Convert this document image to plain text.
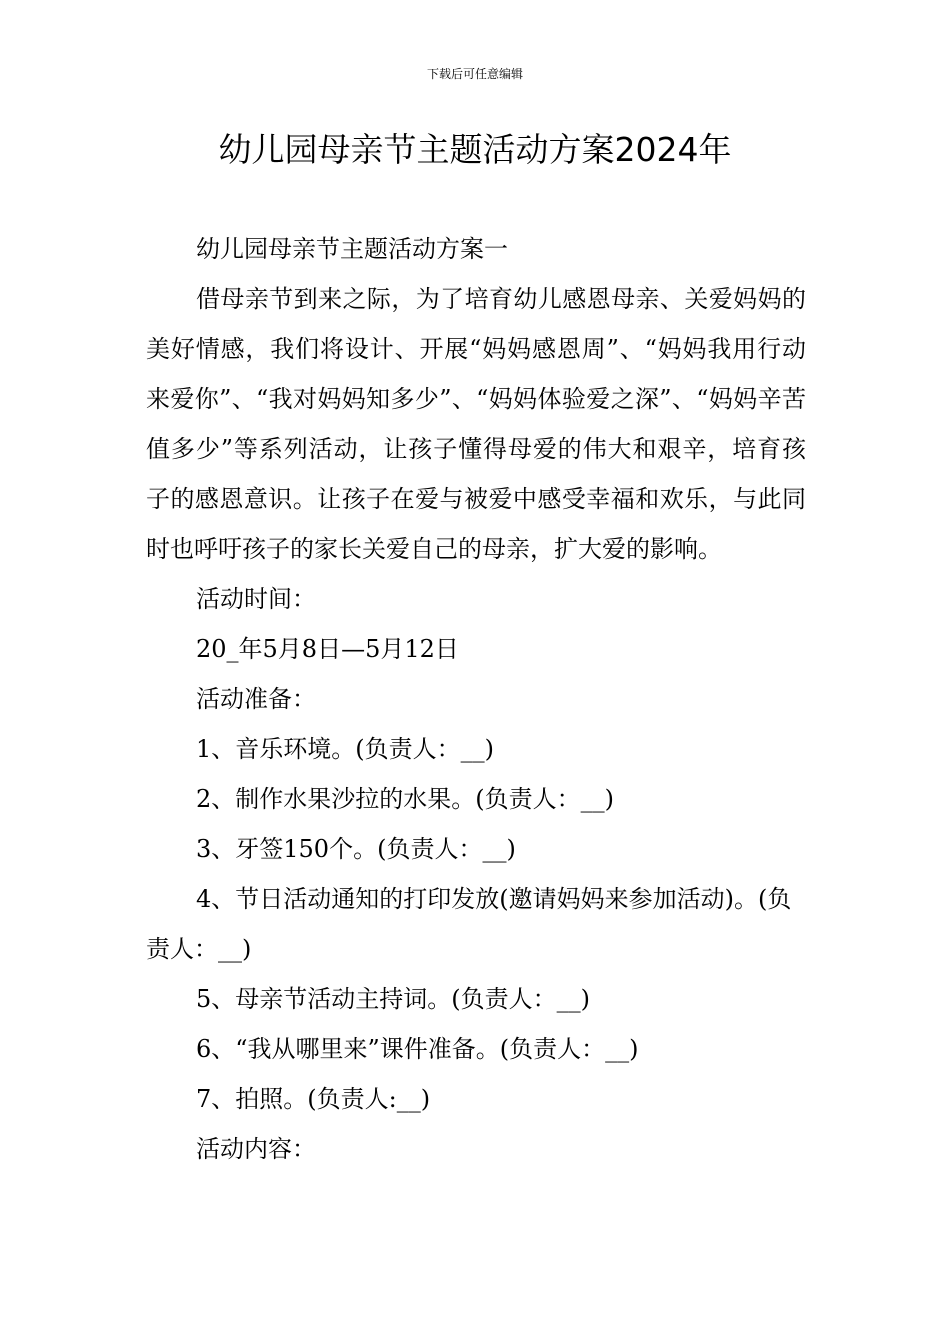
下载后可任意编辑
幼儿园母亲节主题活动方案2024年

幼儿园母亲节主题活动方案一

借母亲节到来之际，为了培育幼儿感恩母亲、关爱妈妈的美好情感，我们将设计、开展“妈妈感恩周”、“妈妈我用行动来爱你”、“我对妈妈知多少”、“妈妈体验爱之深”、“妈妈辛苦值多少”等系列活动，让孩子懂得母爱的伟大和艰辛，培育孩子的感恩意识。让孩子在爱与被爱中感受幸福和欢乐，与此同时也呼吁孩子的家长关爱自己的母亲，扩大爱的影响。

活动时间：

20_年5月8日—5月12日

活动准备：

1、音乐环境。(负责人：__)

2、制作水果沙拉的水果。(负责人：__)

3、牙签150个。(负责人：__)

4、节日活动通知的打印发放(邀请妈妈来参加活动)。(负责人：__)

5、母亲节活动主持词。(负责人：__)

6、“我从哪里来”课件准备。(负责人：__)

7、拍照。(负责人:__)

活动内容：
